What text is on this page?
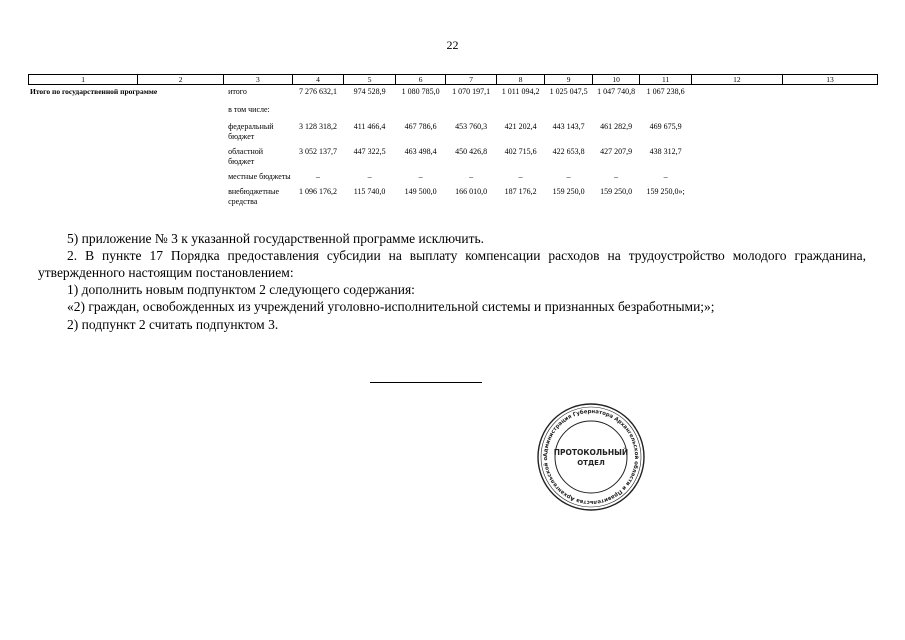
22
1	2	3	4	5	6	7	8	9	10	11	12	13
Итого по государственной программе		итого	7 276 632,1	974 528,9	1 080 785,0	1 070 197,1	1 011 094,2	1 025 047,5	1 047 740,8	1 067 238,6		
		в том числе:										
		федеральный бюджет	3 128 318,2	411 466,4	467 786,6	453 760,3	421 202,4	443 143,7	461 282,9	469 675,9		
		областной бюджет	3 052 137,7	447 322,5	463 498,4	450 426,8	402 715,6	422 653,8	427 207,9	438 312,7		
		местные бюджеты	–	–	–	–	–	–	–	–		
		внебюджетные средства	1 096 176,2	115 740,0	149 500,0	166 010,0	187 176,2	159 250,0	159 250,0	159 250,0»;		

5) приложение № 3 к указанной государственной программе исключить.

2. В пункте 17 Порядка предоставления субсидии на выплату компенсации расходов на трудоустройство молодого гражданина, утвержденного настоящим постановлением:

1) дополнить новым подпунктом 2 следующего содержания:

«2) граждан, освобожденных из учреждений уголовно-исполнительной системы и признанных безработными;»;

2) подпункт 2 считать подпунктом 3.

Администрация Губернатора Архангельской области и Правительства Архангельской о
ПРОТОКОЛЬНЫЙ
ОТДЕЛ
